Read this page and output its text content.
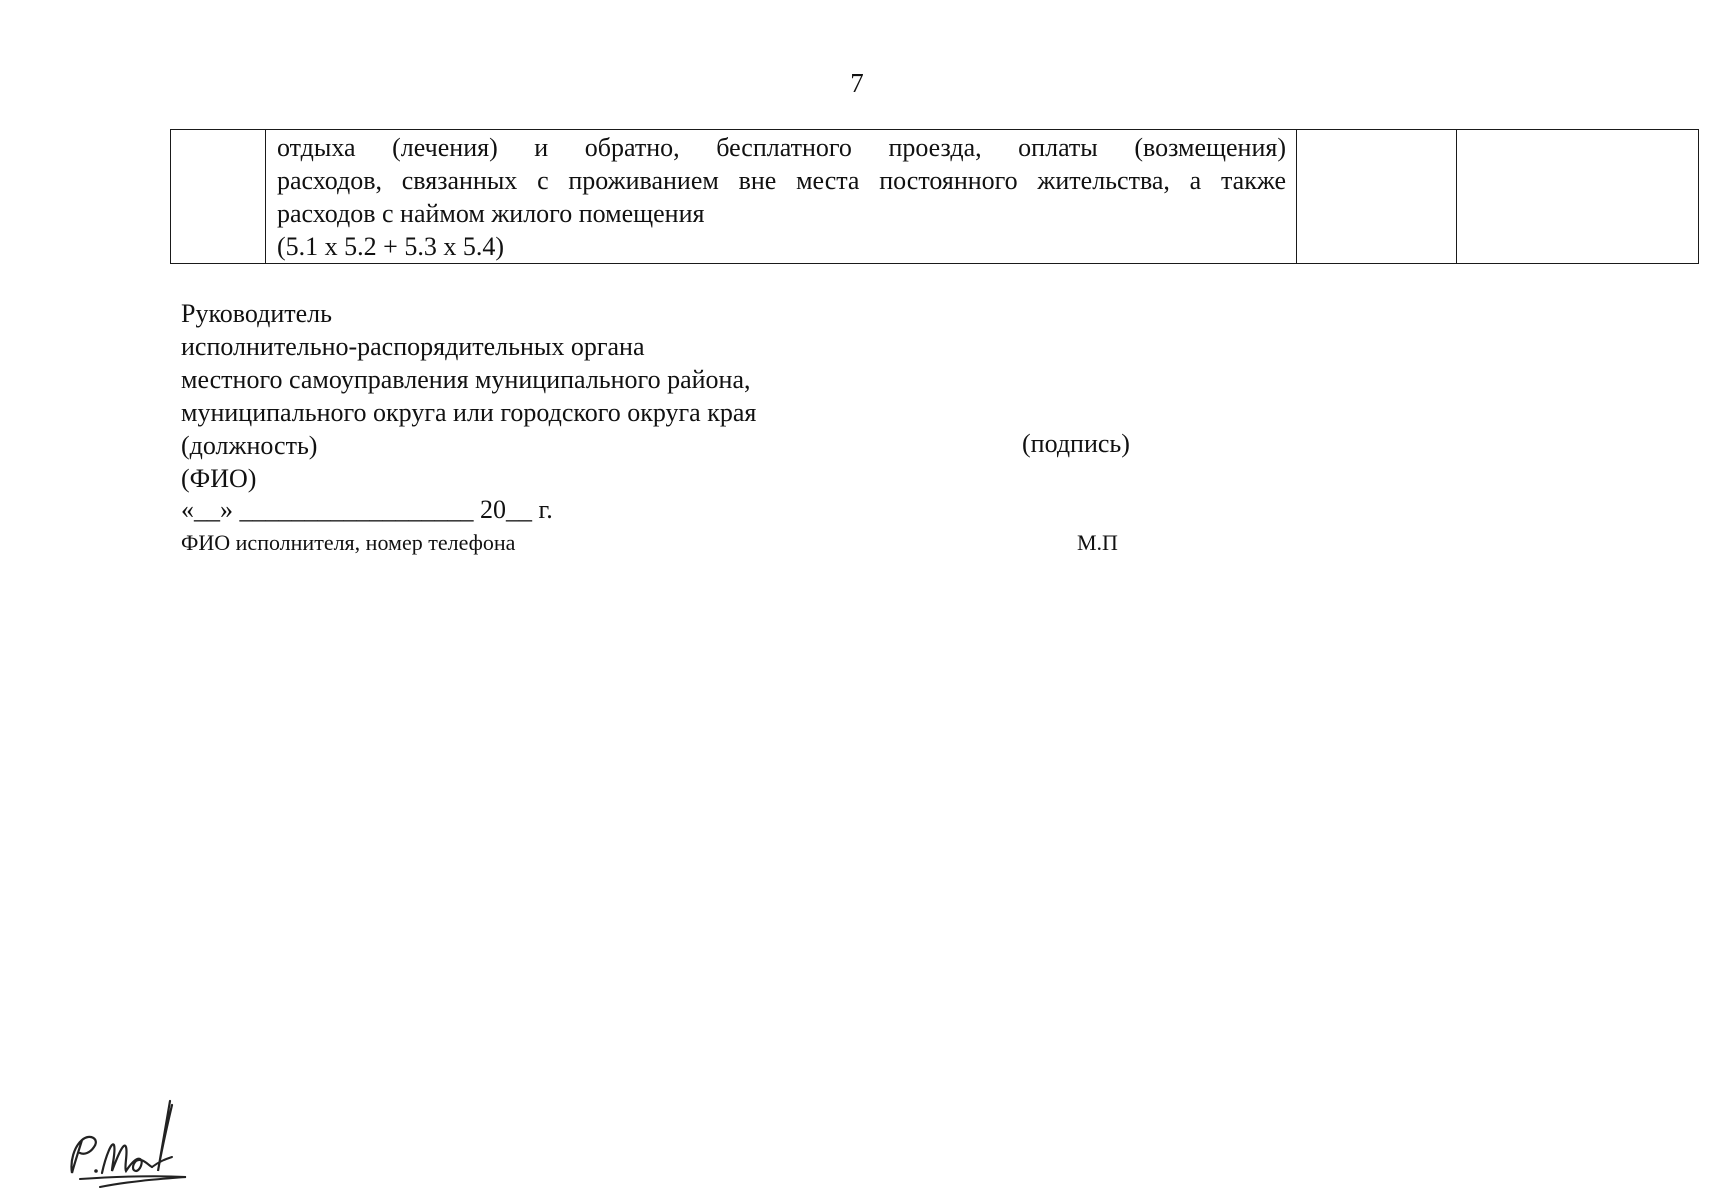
7

отдыха (лечения) и обратно, бесплатного проезда, оплаты (возмещения)
расходов, связанных с проживанием вне места постоянного жительства, а также
расходов с наймом жилого помещения
(5.1 х 5.2 + 5.3 х 5.4)

Руководитель
исполнительно-распорядительных органа
местного самоуправления муниципального района,
муниципального округа или городского округа края
(должность)
(ФИО)
(подпись)
«__» __________________ 20__ г.
ФИО исполнителя, номер телефона	М.П
